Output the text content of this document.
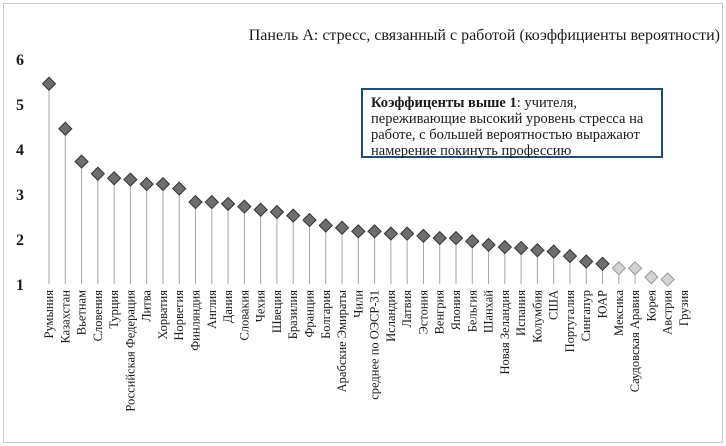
Панель A: стресс, связанный с работой (коэффициенты вероятности)
1
2
3
4
5
6
Румыния Казахстан Вьетнам Словения Турция Российская Федерация Литва Хорватия Норвегия Финляндия Англия Дания Словакия Чехия Швеция Бразилия Франция Болгария Арабские Эмираты Чили среднее по ОЭСР-31 Исландия Латвия Эстония Венгрия Япония Бельгия Шанхай Новая Зеландия Испания Колумбия США Португалия Сингапур ЮАР Мексика Саудовская Аравия Корея Австрия Грузия
Коэффиценты выше 1: учителя, переживающие высокий уровень стресса на работе, с большей вероятностью выражают намерение покинуть профессию
